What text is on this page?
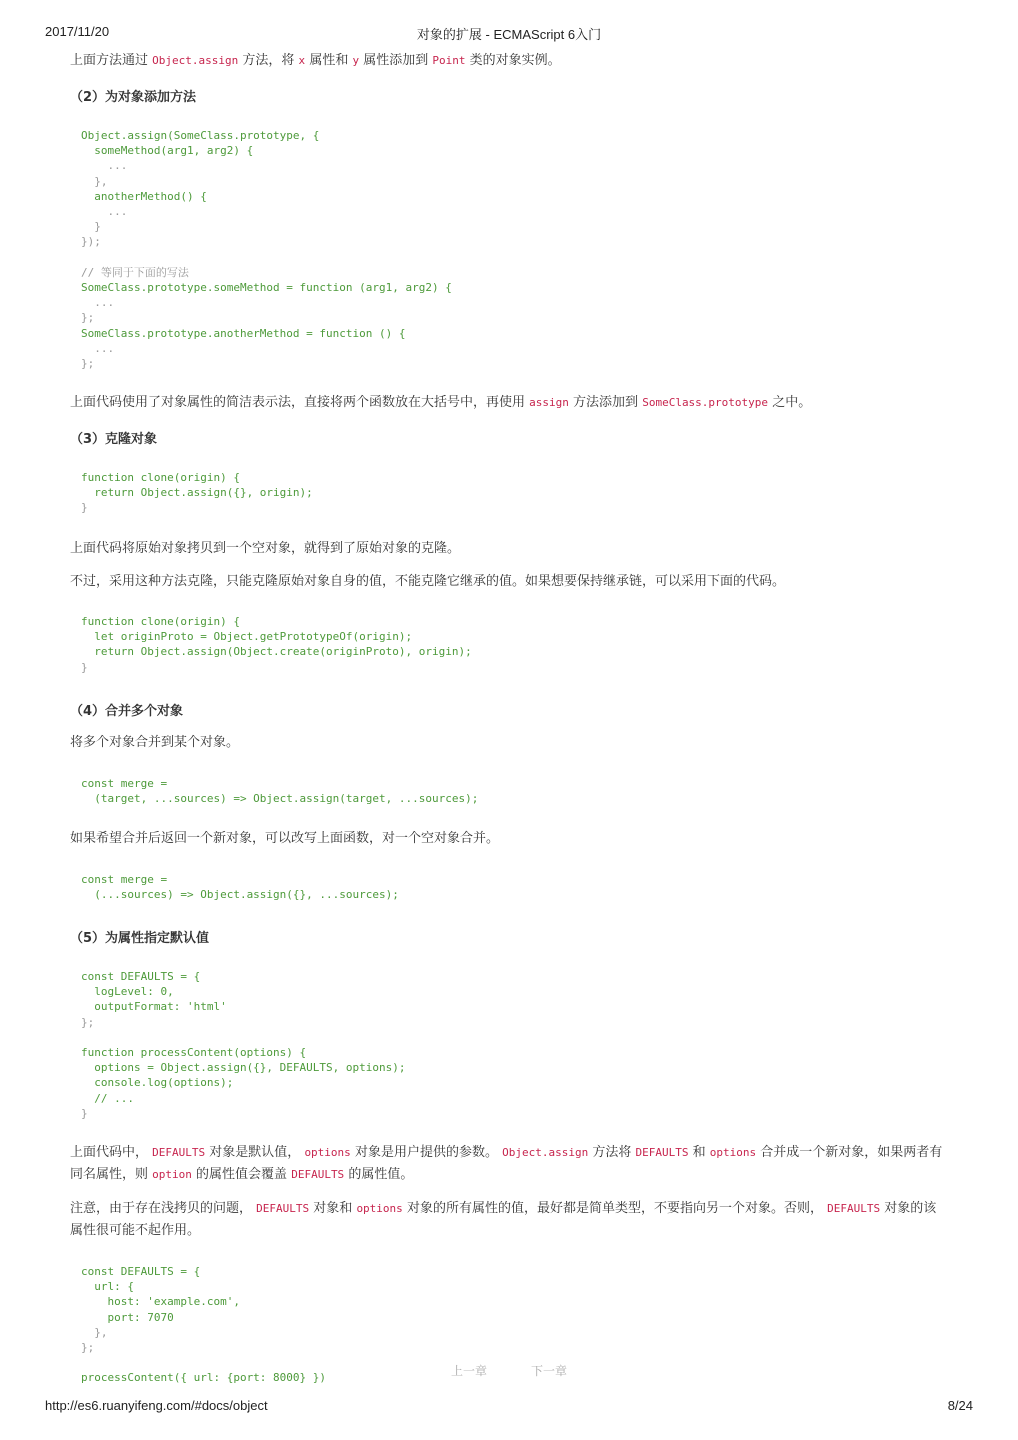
2017/11/20	对象的扩展 - ECMAScript 6入门

上面方法通过 Object.assign 方法，将 x 属性和 y 属性添加到 Point 类的对象实例。

（2）为对象添加方法
Object.assign(SomeClass.prototype, {
someMethod(arg1, arg2) {
...
},
anotherMethod() {
...
}
});

// 等同于下面的写法
SomeClass.prototype.someMethod = function (arg1, arg2) {
...
};
SomeClass.prototype.anotherMethod = function () {
...
};

上面代码使用了对象属性的简洁表示法，直接将两个函数放在大括号中，再使用 assign 方法添加到 SomeClass.prototype 之中。

（3）克隆对象
function clone(origin) {
return Object.assign({}, origin);
}

上面代码将原始对象拷贝到一个空对象，就得到了原始对象的克隆。

不过，采用这种方法克隆，只能克隆原始对象自身的值，不能克隆它继承的值。如果想要保持继承链，可以采用下面的代码。

function clone(origin) {
let originProto = Object.getPrototypeOf(origin);
return Object.assign(Object.create(originProto), origin);
}
（4）合并多个对象

将多个对象合并到某个对象。

const merge =
(target, ...sources) => Object.assign(target, ...sources);

如果希望合并后返回一个新对象，可以改写上面函数，对一个空对象合并。

const merge =
(...sources) => Object.assign({}, ...sources);
（5）为属性指定默认值
const DEFAULTS = {
logLevel: 0,
outputFormat: 'html'
};

function processContent(options) {
options = Object.assign({}, DEFAULTS, options);
console.log(options);
// ...
}

上面代码中， DEFAULTS 对象是默认值， options 对象是用户提供的参数。 Object.assign 方法将 DEFAULTS 和 options 合并成一个新对象，如果两者有同名属性，则 option 的属性值会覆盖 DEFAULTS 的属性值。

注意，由于存在浅拷贝的问题， DEFAULTS 对象和 options 对象的所有属性的值，最好都是简单类型，不要指向另一个对象。否则， DEFAULTS 对象的该属性很可能不起作用。

const DEFAULTS = {
url: {
host: 'example.com',
port: 7070
},
};

processContent({ url: {port: 8000} })	上一章	下一章
http://es6.ruanyifeng.com/#docs/object	8/24
